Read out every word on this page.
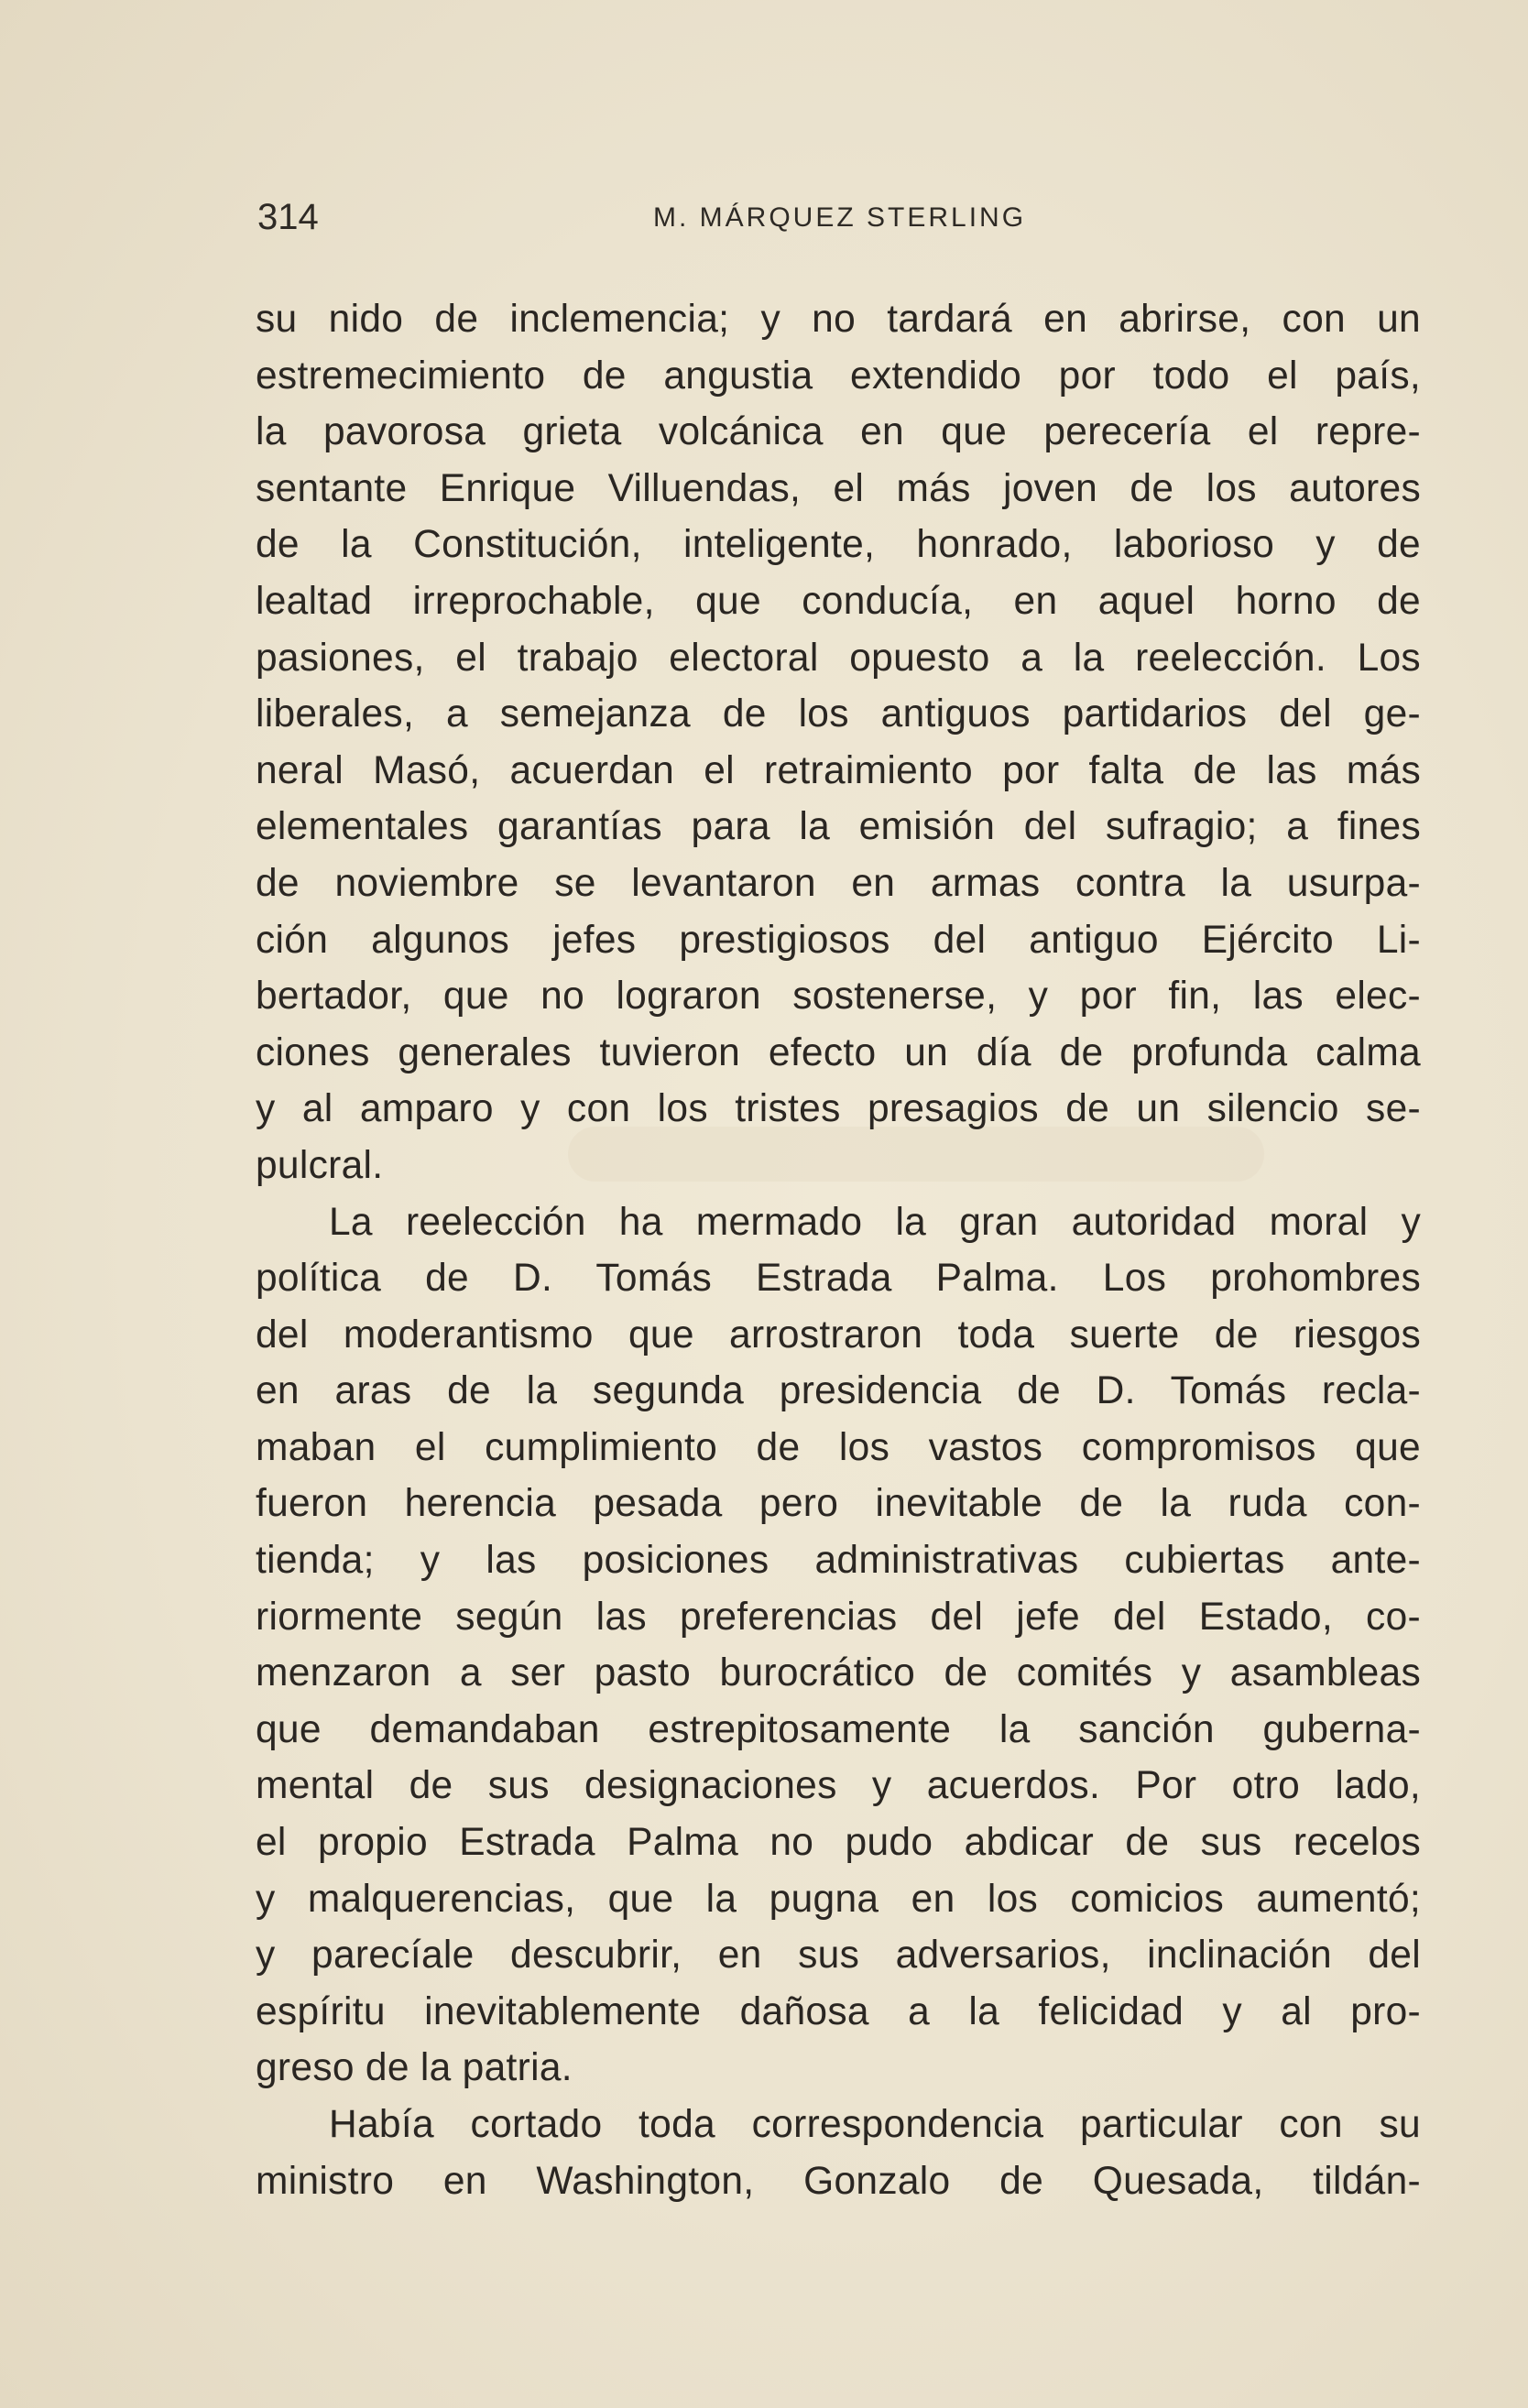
314	M. MÁRQUEZ STERLING
su nido de inclemencia; y no tardará en abrirse, con un
estremecimiento de angustia extendido por todo el país,
la pavorosa grieta volcánica en que perecería el repre-
sentante Enrique Villuendas, el más joven de los autores
de la Constitución, inteligente, honrado, laborioso y de
lealtad irreprochable, que conducía, en aquel horno de
pasiones, el trabajo electoral opuesto a la reelección. Los
liberales, a semejanza de los antiguos partidarios del ge-
neral Masó, acuerdan el retraimiento por falta de las más
elementales garantías para la emisión del sufragio; a fines
de noviembre se levantaron en armas contra la usurpa-
ción algunos jefes prestigiosos del antiguo Ejército Li-
bertador, que no lograron sostenerse, y por fin, las elec-
ciones generales tuvieron efecto un día de profunda calma
y al amparo y con los tristes presagios de un silencio se-
pulcral.
La reelección ha mermado la gran autoridad moral y
política de D. Tomás Estrada Palma. Los prohombres
del moderantismo que arrostraron toda suerte de riesgos
en aras de la segunda presidencia de D. Tomás recla-
maban el cumplimiento de los vastos compromisos que
fueron herencia pesada pero inevitable de la ruda con-
tienda; y las posiciones administrativas cubiertas ante-
riormente según las preferencias del jefe del Estado, co-
menzaron a ser pasto burocrático de comités y asambleas
que demandaban estrepitosamente la sanción guberna-
mental de sus designaciones y acuerdos. Por otro lado,
el propio Estrada Palma no pudo abdicar de sus recelos
y malquerencias, que la pugna en los comicios aumentó;
y parecíale descubrir, en sus adversarios, inclinación del
espíritu inevitablemente dañosa a la felicidad y al pro-
greso de la patria.
Había cortado toda correspondencia particular con su
ministro en Washington, Gonzalo de Quesada, tildán-
